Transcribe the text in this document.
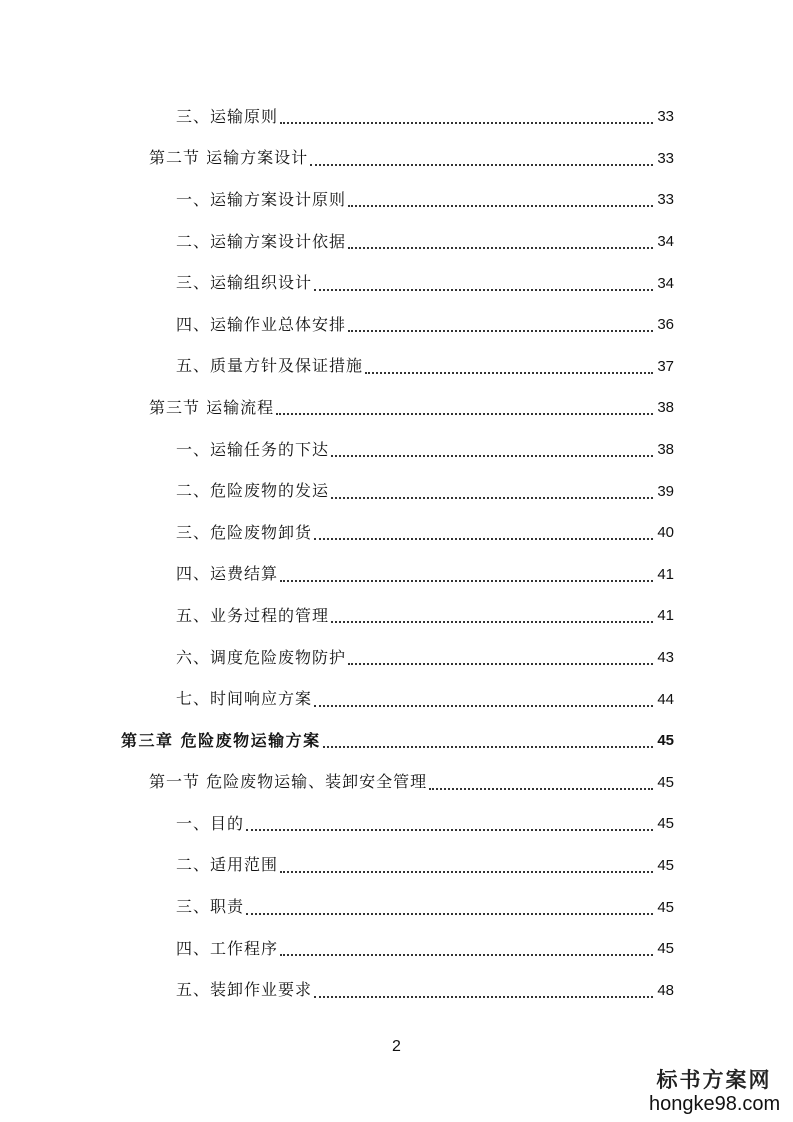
三、运输原则	33
第二节 运输方案设计	33
一、运输方案设计原则	33
二、运输方案设计依据	34
三、运输组织设计	34
四、运输作业总体安排	36
五、质量方针及保证措施	37
第三节 运输流程	38
一、运输任务的下达	38
二、危险废物的发运	39
三、危险废物卸货	40
四、运费结算	41
五、业务过程的管理	41
六、调度危险废物防护	43
七、时间响应方案	44
第三章 危险废物运输方案	45
第一节 危险废物运输、装卸安全管理	45
一、目的	45
二、适用范围	45
三、职责	45
四、工作程序	45
五、装卸作业要求	48
2
标书方案网
hongke98.com
